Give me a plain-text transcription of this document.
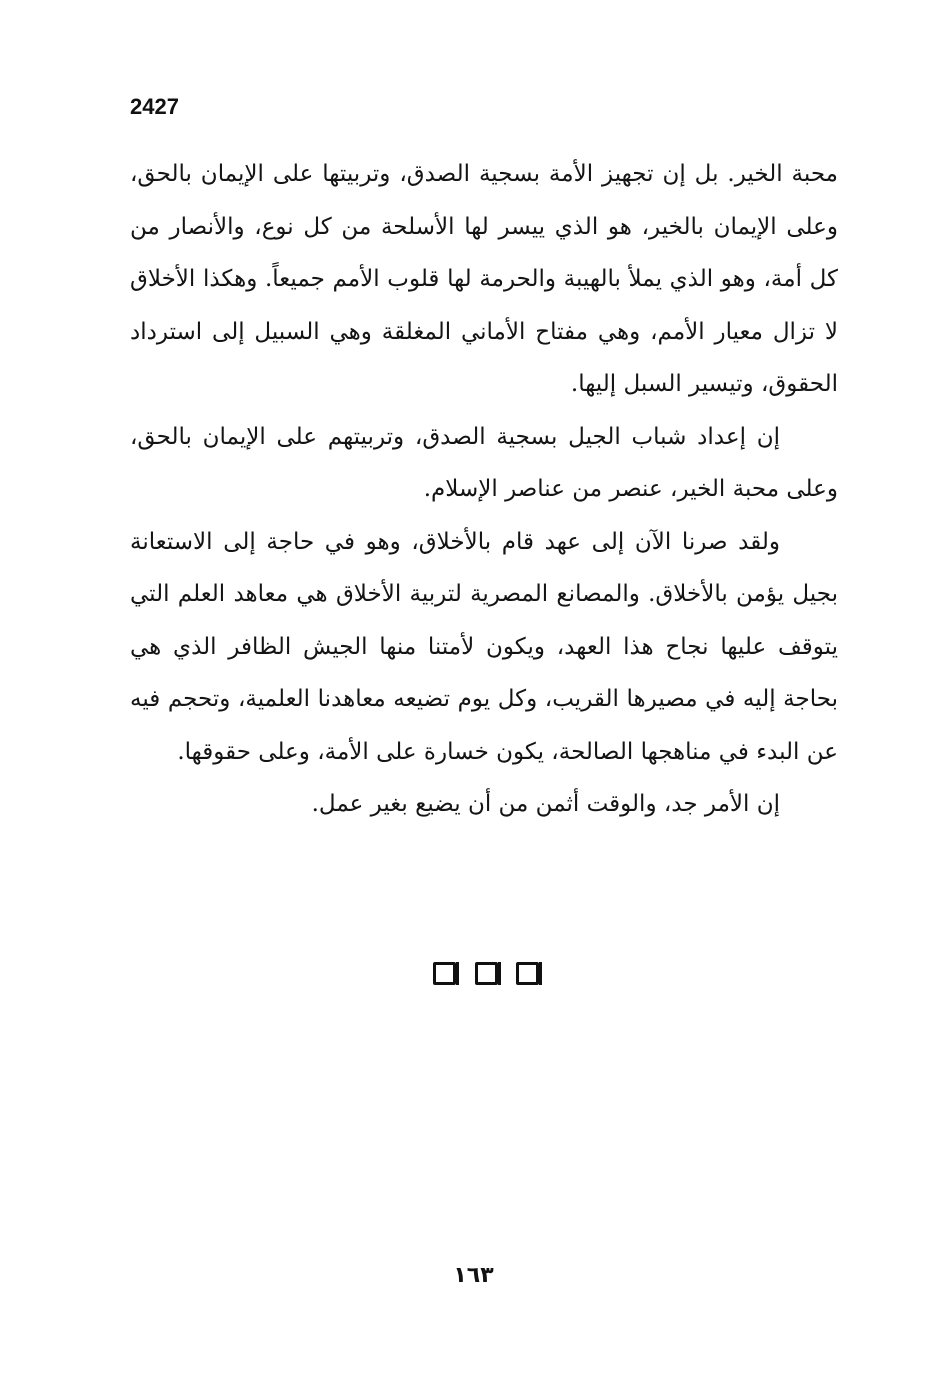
2427

محبة الخير. بل إن تجهيز الأمة بسجية الصدق، وتربيتها على الإيمان بالحق، وعلى الإيمان بالخير، هو الذي ييسر لها الأسلحة من كل نوع، والأنصار من كل أمة، وهو الذي يملأ بالهيبة والحرمة لها قلوب الأمم جميعاً. وهكذا الأخلاق لا تزال معيار الأمم، وهي مفتاح الأماني المغلقة وهي السبيل إلى استرداد الحقوق، وتيسير السبل إليها.

إن إعداد شباب الجيل بسجية الصدق، وتربيتهم على الإيمان بالحق، وعلى محبة الخير، عنصر من عناصر الإسلام.

ولقد صرنا الآن إلى عهد قام بالأخلاق، وهو في حاجة إلى الاستعانة بجيل يؤمن بالأخلاق. والمصانع المصرية لتربية الأخلاق هي معاهد العلم التي يتوقف عليها نجاح هذا العهد، ويكون لأمتنا منها الجيش الظافر الذي هي بحاجة إليه في مصيرها القريب، وكل يوم تضيعه معاهدنا العلمية، وتحجم فيه عن البدء في مناهجها الصالحة، يكون خسارة على الأمة، وعلى حقوقها.

إن الأمر جد، والوقت أثمن من أن يضيع بغير عمل.

١٦٣
